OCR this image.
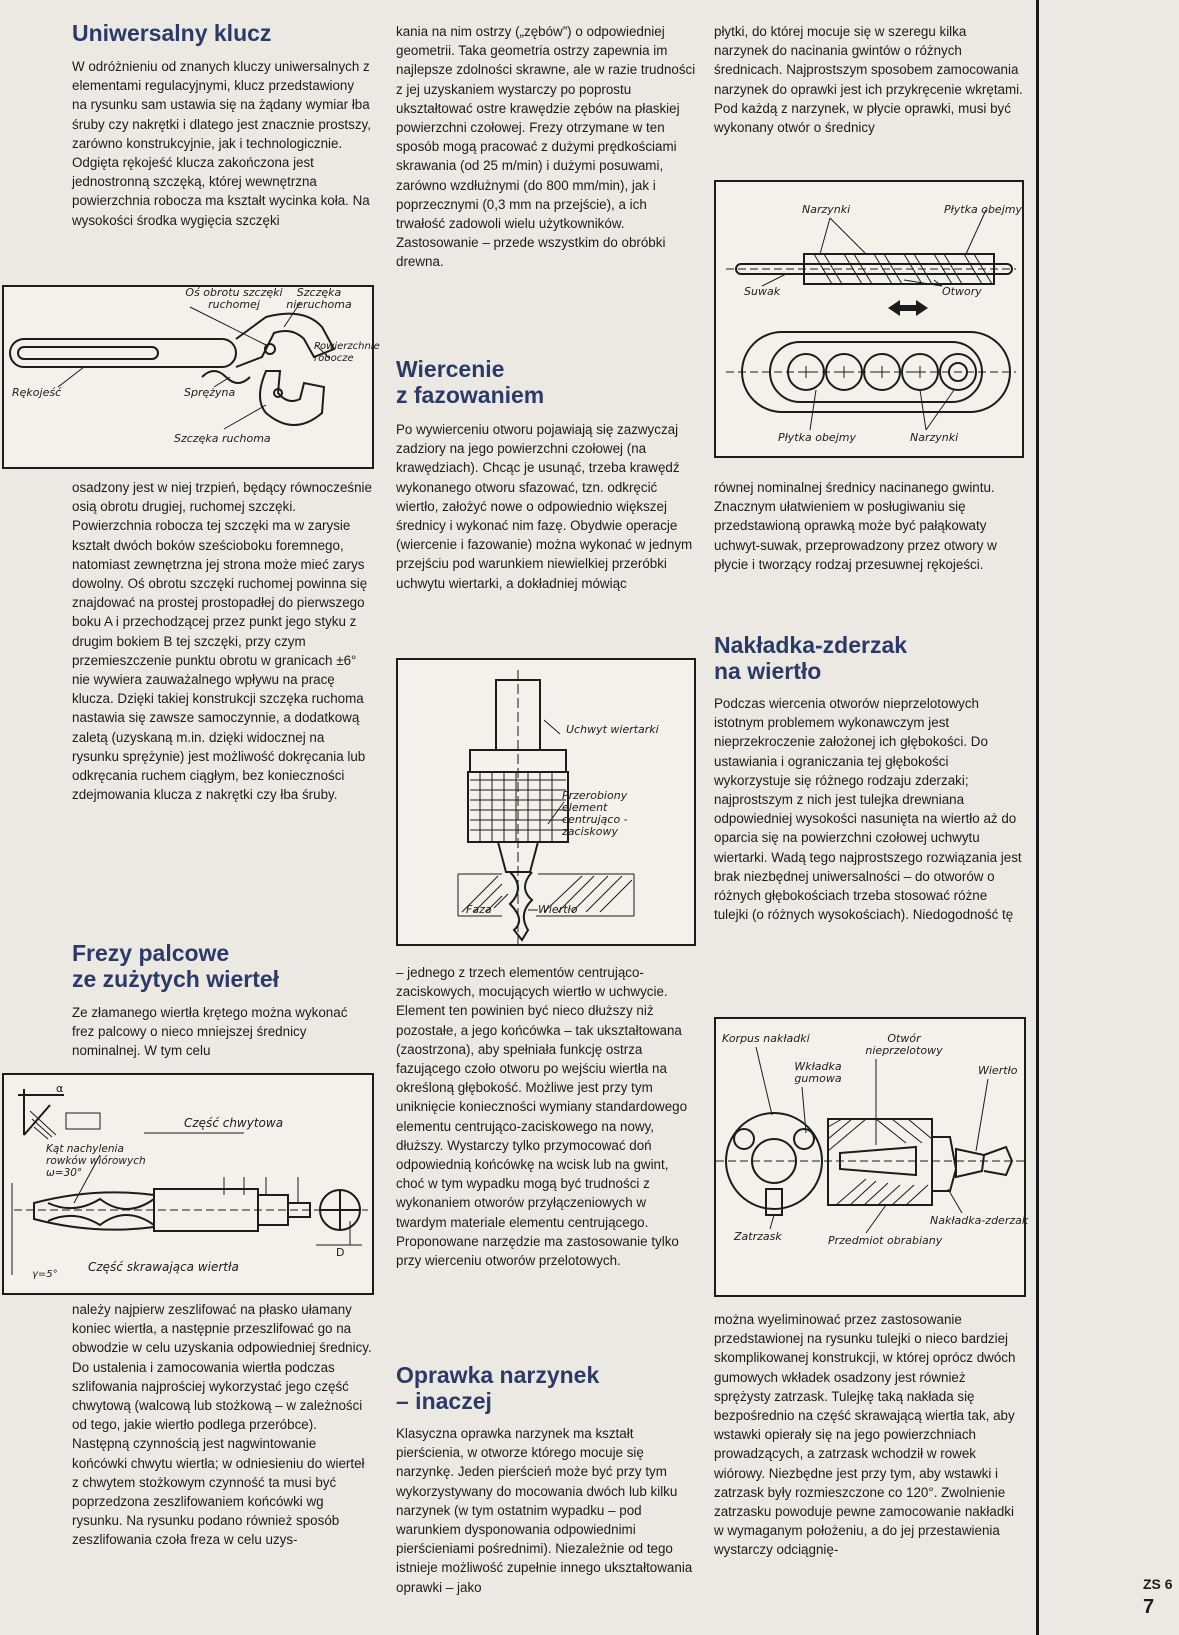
Uniwersalny klucz

W odróżnieniu od znanych kluczy uniwersalnych z elementami regulacyjnymi, klucz przedstawiony na rysunku sam ustawia się na żądany wymiar łba śruby czy nakrętki i dlatego jest znacznie prostszy, zarówno konstrukcyjnie, jak i technologicznie. Odgięta rękojeść klucza zakończona jest jednostronną szczęką, której wewnętrzna powierzchnia robocza ma kształt wycinka koła. Na wysokości środka wygięcia szczęki

Oś obrotu szczęki ruchomej
Szczęka nieruchoma
Powierzchnie robocze
Rękojeść	Sprężyna
Szczęka ruchoma

osadzony jest w niej trzpień, będący równocześnie osią obrotu drugiej, ruchomej szczęki. Powierzchnia robocza tej szczęki ma w zarysie kształt dwóch boków sześcioboku foremnego, natomiast zewnętrzna jej strona może mieć zarys dowolny. Oś obrotu szczęki ruchomej powinna się znajdować na prostej prostopadłej do pierwszego boku A i przechodzącej przez punkt jego styku z drugim bokiem B tej szczęki, przy czym przemieszczenie punktu obrotu w granicach ±6° nie wywiera zauważalnego wpływu na pracę klucza. Dzięki takiej konstrukcji szczęka ruchoma nastawia się zawsze samoczynnie, a dodatkową zaletą (uzyskaną m.in. dzięki widocznej na rysunku sprężynie) jest możliwość dokręcania lub odkręcania ruchem ciągłym, bez konieczności zdejmowania klucza z nakrętki czy łba śruby.

Frezy palcowe
ze zużytych wierteł

Ze złamanego wiertła krętego można wykonać frez palcowy o nieco mniejszej średnicy nominalnej. W tym celu

Część chwytowa
Kąt nachylenia rowków wiórowych ω=30°
Część skrawająca wiertła
α
γ=5°
D

należy najpierw zeszlifować na płasko ułamany koniec wiertła, a następnie przeszlifować go na obwodzie w celu uzyskania odpowiedniej średnicy. Do ustalenia i zamocowania wiertła podczas szlifowania najprościej wykorzystać jego część chwytową (walcową lub stożkową – w zależności od tego, jakie wiertło podlega przeróbce). Następną czynnością jest nagwintowanie końcówki chwytu wiertła; w odniesieniu do wierteł z chwytem stożkowym czynność ta musi być poprzedzona zeszlifowaniem końcówki wg rysunku. Na rysunku podano również sposób zeszlifowania czoła freza w celu uzys-

kania na nim ostrzy („zębów”) o odpowiedniej geometrii. Taka geometria ostrzy zapewnia im najlepsze zdolności skrawne, ale w razie trudności z jej uzyskaniem wystarczy po poprostu ukształtować ostre krawędzie zębów na płaskiej powierzchni czołowej. Frezy otrzymane w ten sposób mogą pracować z dużymi prędkościami skrawania (od 25 m/min) i dużymi posuwami, zarówno wzdłużnymi (do 800 mm/min), jak i poprzecznymi (0,3 mm na przejście), a ich trwałość zadowoli wielu użytkowników. Zastosowanie – przede wszystkim do obróbki drewna.

Wiercenie
z fazowaniem

Po wywierceniu otworu pojawiają się zazwyczaj zadziory na jego powierzchni czołowej (na krawędziach). Chcąc je usunąć, trzeba krawędź wykonanego otworu sfazować, tzn. odkręcić wiertło, założyć nowe o odpowiednio większej średnicy i wykonać nim fazę. Obydwie operacje (wiercenie i fazowanie) można wykonać w jednym przejściu pod warunkiem niewielkiej przeróbki uchwytu wiertarki, a dokładniej mówiąc

Uchwyt wiertarki
Przerobiony element centrująco -zaciskowy
Faza	Wiertło

– jednego z trzech elementów centrująco-zaciskowych, mocujących wiertło w uchwycie. Element ten powinien być nieco dłuższy niż pozostałe, a jego końcówka – tak ukształtowana (zaostrzona), aby spełniała funkcję ostrza fazującego czoło otworu po wejściu wiertła na określoną głębokość. Możliwe jest przy tym uniknięcie konieczności wymiany standardowego elementu centrująco-zaciskowego na nowy, dłuższy. Wystarczy tylko przymocować doń odpowiednią końcówkę na wcisk lub na gwint, choć w tym wypadku mogą być trudności z wykonaniem otworów przyłączeniowych w twardym materiale elementu centrującego. Proponowane narzędzie ma zastosowanie tylko przy wierceniu otworów przelotowych.

Oprawka narzynek
– inaczej

Klasyczna oprawka narzynek ma kształt pierścienia, w otworze którego mocuje się narzynkę. Jeden pierścień może być przy tym wykorzystywany do mocowania dwóch lub kilku narzynek (w tym ostatnim wypadku – pod warunkiem dysponowania odpowiednimi pierścieniami pośrednimi). Niezależnie od tego istnieje możliwość zupełnie innego ukształtowania oprawki – jako

płytki, do której mocuje się w szeregu kilka narzynek do nacinania gwintów o różnych średnicach. Najprostszym sposobem zamocowania narzynek do oprawki jest ich przykręcenie wkrętami. Pod każdą z narzynek, w płycie oprawki, musi być wykonany otwór o średnicy

Narzynki	Płytka obejmy
Suwak	Otwory
Płytka obejmy	Narzynki

równej nominalnej średnicy nacinanego gwintu. Znacznym ułatwieniem w posługiwaniu się przedstawioną oprawką może być pałąkowaty uchwyt-suwak, przeprowadzony przez otwory w płycie i tworzący rodzaj przesuwnej rękojeści.

Nakładka-zderzak
na wiertło

Podczas wiercenia otworów nieprzelotowych istotnym problemem wykonawczym jest nieprzekroczenie założonej ich głębokości. Do ustawiania i ograniczania tej głębokości wykorzystuje się różnego rodzaju zderzaki; najprostszym z nich jest tulejka drewniana odpowiedniej wysokości nasunięta na wiertło aż do oparcia się na powierzchni czołowej uchwytu wiertarki. Wadą tego najprostszego rozwiązania jest brak niezbędnej uniwersalności – do otworów o różnych głębokościach trzeba stosować różne tulejki (o różnych wysokościach). Niedogodność tę

Korpus nakładki	Otwór nieprzelotowy
Wkładka gumowa
Wiertło
Nakładka-zderzak
Zatrzask	Przedmiot obrabiany

można wyeliminować przez zastosowanie przedstawionej na rysunku tulejki o nieco bardziej skomplikowanej konstrukcji, w której oprócz dwóch gumowych wkładek osadzony jest również sprężysty zatrzask. Tulejkę taką nakłada się bezpośrednio na część skrawającą wiertła tak, aby wstawki opierały się na jego powierzchniach prowadzących, a zatrzask wchodził w rowek wiórowy. Niezbędne jest przy tym, aby wstawki i zatrzask były rozmieszczone co 120°. Zwolnienie zatrzasku powoduje pewne zamocowanie nakładki w wymaganym położeniu, a do jej przestawienia wystarczy odciągnię-

ZS 6
7
